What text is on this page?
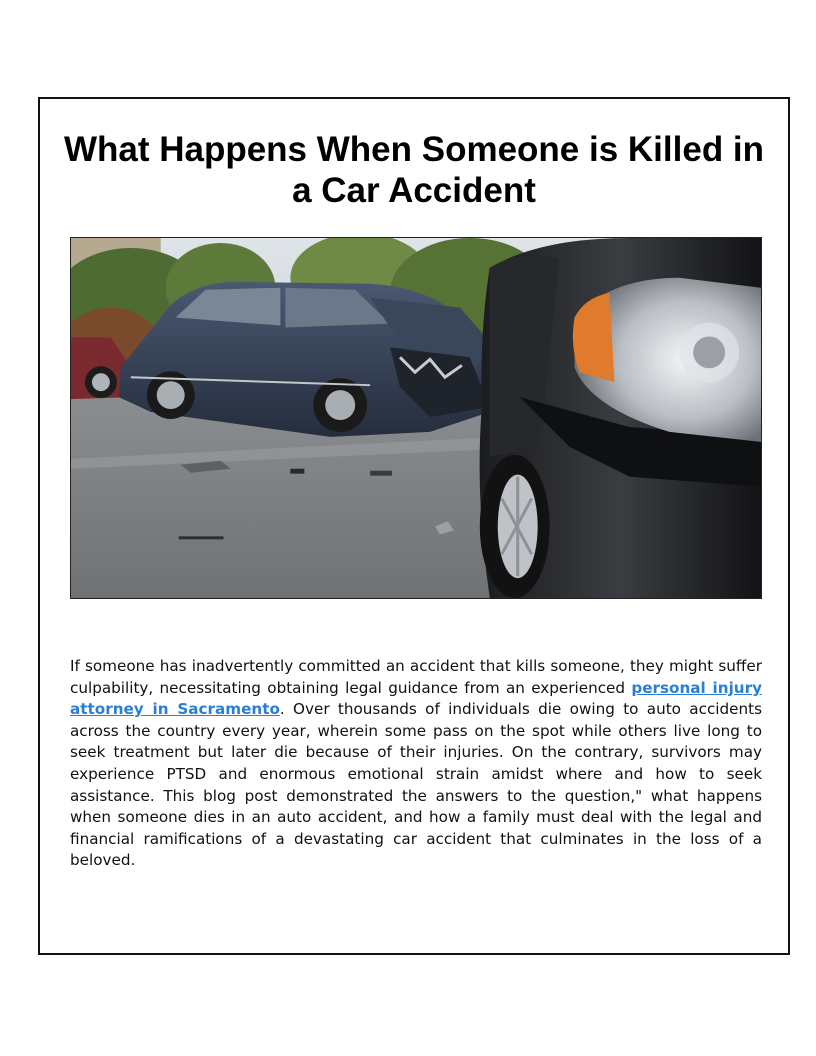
What Happens When Someone is Killed in a Car Accident

If someone has inadvertently committed an accident that kills someone, they might suffer culpability, necessitating obtaining legal guidance from an experienced personal injury attorney in Sacramento. Over thousands of individuals die owing to auto accidents across the country every year, wherein some pass on the spot while others live long to seek treatment but later die because of their injuries. On the contrary, survivors may experience PTSD and enormous emotional strain amidst where and how to seek assistance. This blog post demonstrated the answers to the question," what happens when someone dies in an auto accident, and how a family must deal with the legal and financial ramifications of a devastating car accident that culminates in the loss of a beloved.
